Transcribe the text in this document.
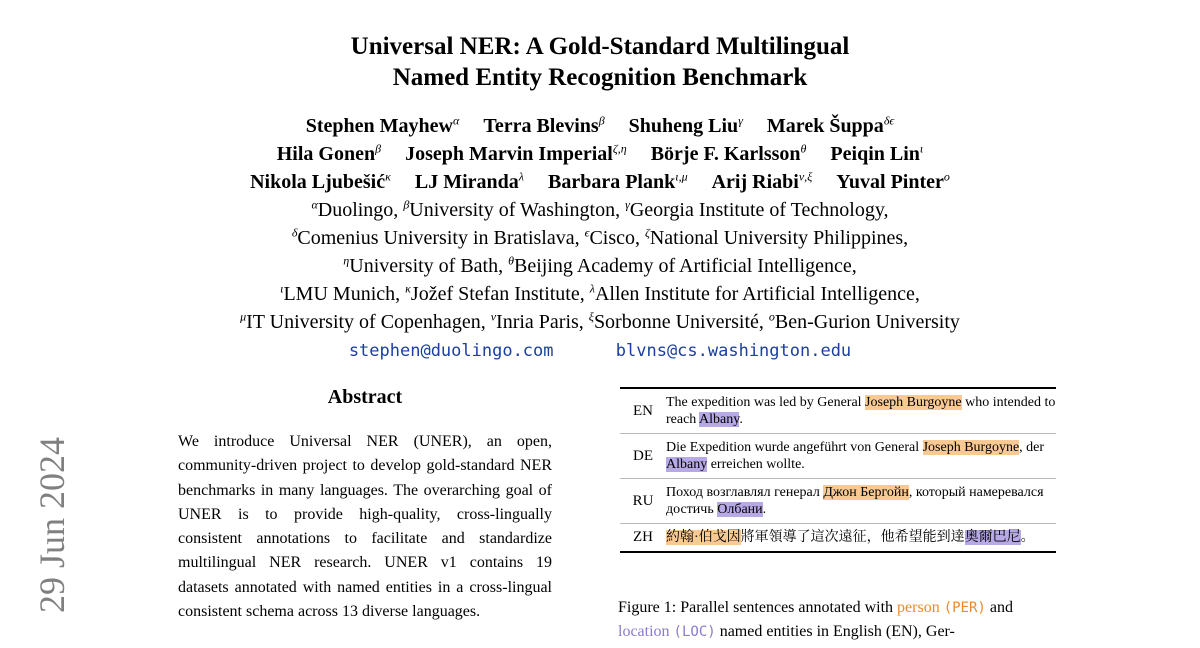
Universal NER: A Gold-Standard Multilingual
Named Entity Recognition Benchmark
Stephen Mayhew$^\alpha$ Terra Blevins$^\beta$ Shuheng Liu$^\gamma$ Marek Šuppa$^{\delta\epsilon}$
Hila Gonen$^\beta$ Joseph Marvin Imperial$^{\zeta,\eta}$ Börje F. Karlsson$^\theta$ Peiqin Lin$^\iota$
Nikola Ljubešić$^\kappa$ LJ Miranda$^\lambda$ Barbara Plank$^{\iota,\mu}$ Arij Riabi$^{\nu,\xi}$ Yuval Pinter$^o$
$^\alpha$Duolingo, $^\beta$University of Washington, $^\gamma$Georgia Institute of Technology,
$^\delta$Comenius University in Bratislava, $^\epsilon$Cisco, $^\zeta$National University Philippines,
$^\eta$University of Bath, $^\theta$Beijing Academy of Artificial Intelligence,
$^\iota$LMU Munich, $^\kappa$Jožef Stefan Institute, $^\lambda$Allen Institute for Artificial Intelligence,
$^\mu$IT University of Copenhagen, $^\nu$Inria Paris, $^\xi$Sorbonne Université, $^o$Ben-Gurion University
stephen@duolingo.com	blvns@cs.washington.edu
29 Jun 2024
Abstract
We introduce Universal NER (UNER), an open, community-driven project to develop gold-standard NER benchmarks in many languages. The overarching goal of UNER is to provide high-quality, cross-lingually consistent annotations to facilitate and standardize multilingual NER research. UNER v1 contains 19 datasets annotated with named entities in a cross-lingual consistent schema across 13 diverse languages.
EN	The expedition was led by General Joseph Burgoyne who intended to reach Albany.
DE	Die Expedition wurde angeführt von General Joseph Burgoyne, der Albany erreichen wollte.
RU	Поход возглавлял генерал Джон Бергойн, который намеревался достичь Олбани.
ZH	約翰·伯戈因將軍領導了這次遠征，他希望能到達奧爾巴尼。
Figure 1: Parallel sentences annotated with person (PER) and location (LOC) named entities in English (EN), Ger-
